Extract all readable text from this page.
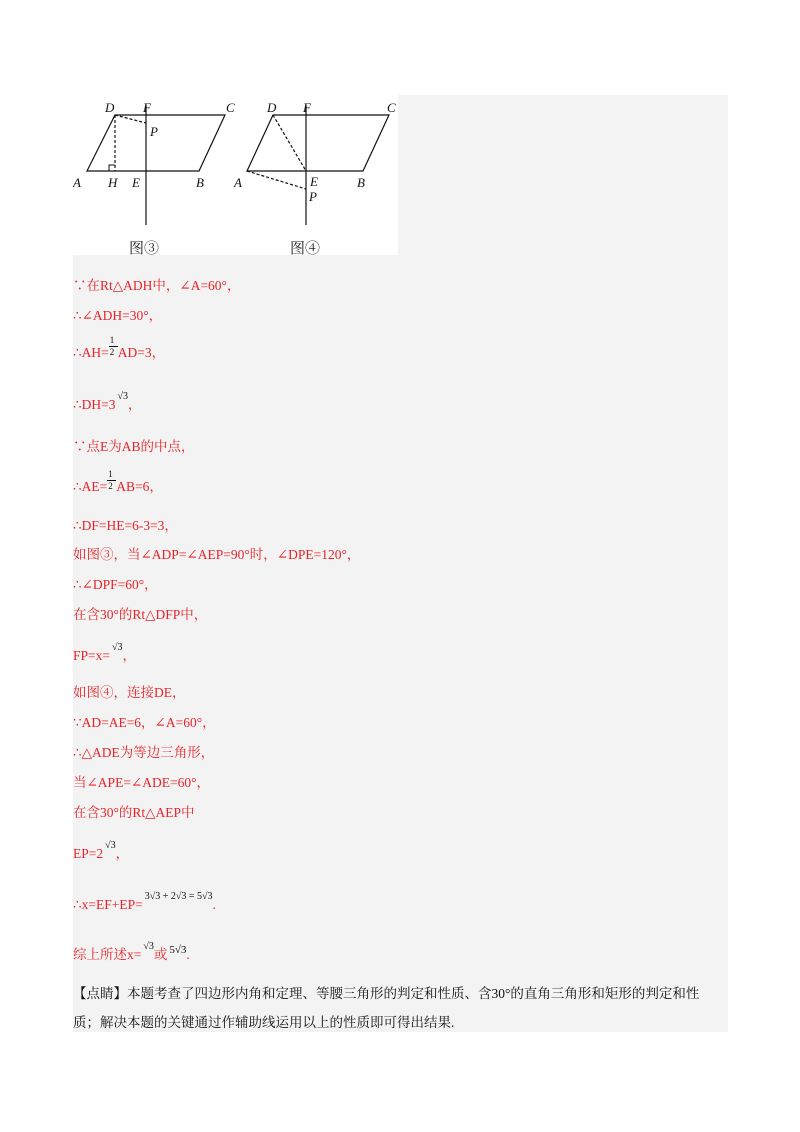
D F	C
P
A H E	B
D F	C
A	E	B
P
图③	图④
∵在Rt△ADH中，∠A=60°，
∴∠ADH=30°，
∴AH= $\frac{1}{2} AD=3$，
∴DH=3√3，
∵点E为AB的中点，
∴AE= $\frac{1}{2} AB=6$，
∴DF=HE=6-3=3，
如图③，当∠ADP=∠AEP=90°时，∠DPE=120°，
∴∠DPF=60°，
在含30°的Rt△DFP中，
FP=x=√3，
如图④，连接DE，
∵AD=AE=6，∠A=60°，
∴△ADE为等边三角形，
当∠APE=∠ADE=60°，
在含30°的Rt△AEP中
EP=2√3，
∴x=EF+EP=3√3 + 2√3 = 5√3.
综上所述x=√3或 5√3.
【点睛】本题考查了四边形内角和定理、等腰三角形的判定和性质、含30°的直角三角形和矩形的判定和性质；解决本题的关键通过作辅助线运用以上的性质即可得出结果.
